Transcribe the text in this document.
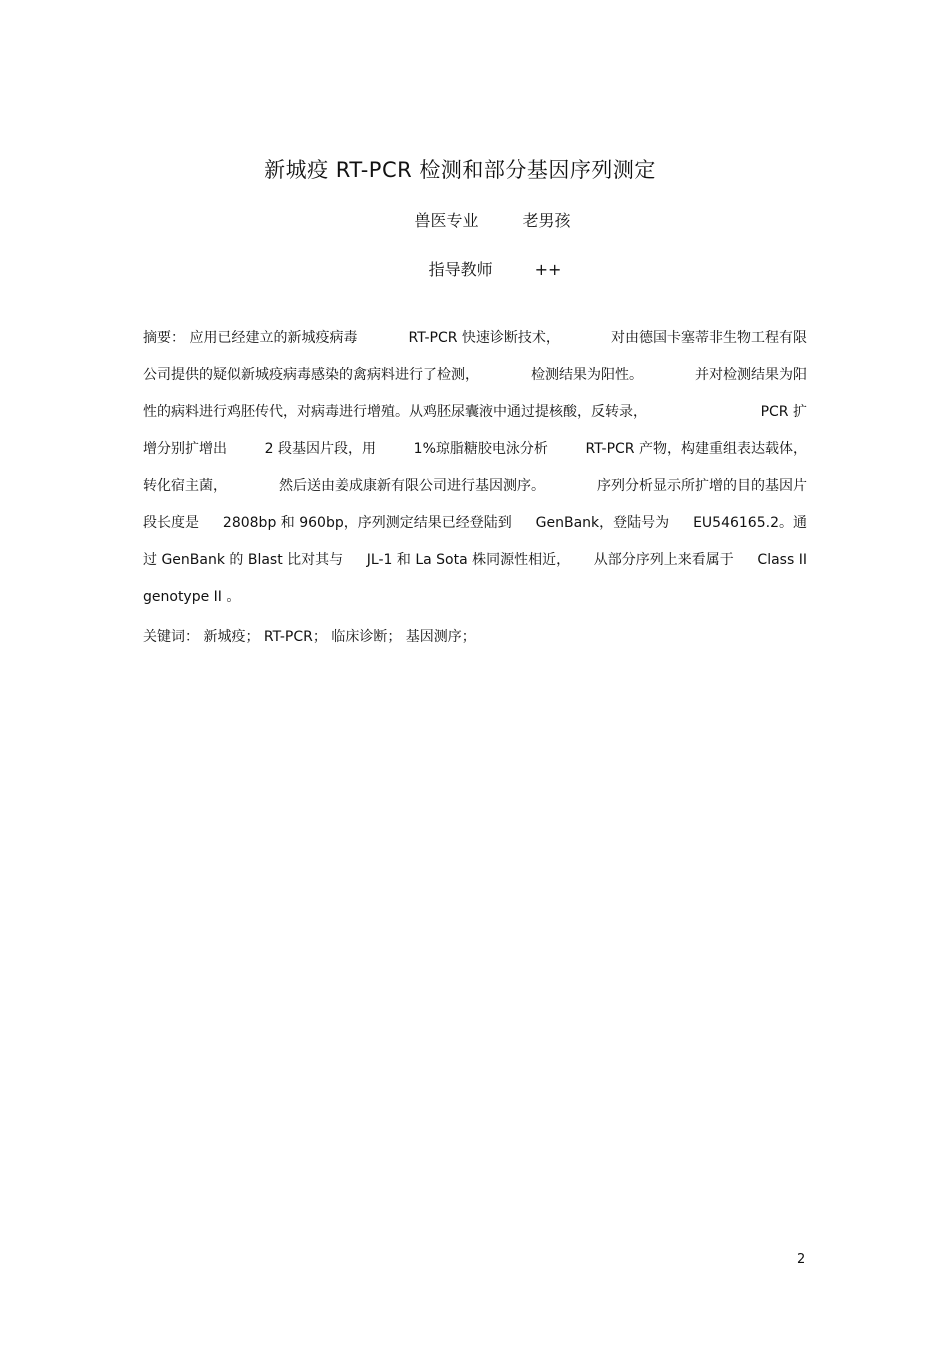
新城疫 RT-PCR 检测和部分基因序列测定
兽医专业	老男孩
指导教师	++
摘要： 应用已经建立的新城疫病毒	RT-PCR 快速诊断技术，	对由德国卡塞蒂非生物工程有限
公司提供的疑似新城疫病毒感染的禽病料进行了检测，	检测结果为阳性。	并对检测结果为阳
性的病料进行鸡胚传代，对病毒进行增殖。从鸡胚尿囊液中通过提核酸，反转录，	PCR 扩
增分别扩增出	2 段基因片段，用	1%琼脂糖胶电泳分析	RT-PCR 产物，构建重组表达载体，
转化宿主菌，	然后送由姜成康新有限公司进行基因测序。	序列分析显示所扩增的目的基因片
段长度是 2808bp 和 960bp，序列测定结果已经登陆到 GenBank，登陆号为 EU546165.2。通
过 GenBank 的 Blast 比对其与 JL-1 和 La Sota 株同源性相近， 从部分序列上来看属于 Class II
genotype II 。
关键词： 新城疫； RT-PCR； 临床诊断； 基因测序；
2
